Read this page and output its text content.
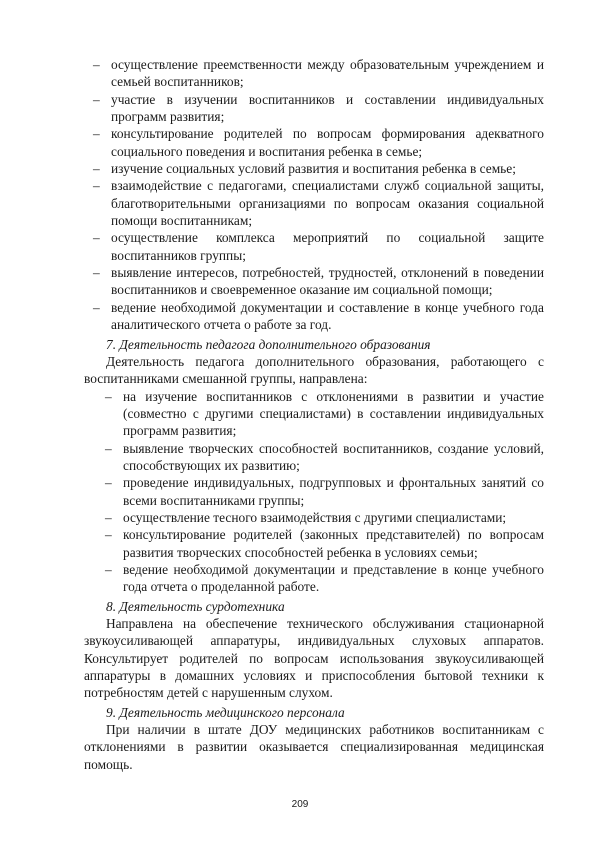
– осуществление преемственности между образовательным учреждением и семьей воспитанников;
– участие в изучении воспитанников и составлении индивидуальных программ развития;
– консультирование родителей по вопросам формирования адекватного социального поведения и воспитания ребенка в семье;
– изучение социальных условий развития и воспитания ребенка в семье;
– взаимодействие с педагогами, специалистами служб социальной защиты, благотворительными организациями по вопросам оказания социальной помощи воспитанникам;
– осуществление комплекса мероприятий по социальной защите воспитанников группы;
– выявление интересов, потребностей, трудностей, отклонений в поведении воспитанников и своевременное оказание им социальной помощи;
– ведение необходимой документации и составление в конце учебного года аналитического отчета о работе за год.
7. Деятельность педагога дополнительного образования
Деятельность педагога дополнительного образования, работающего с воспитанниками смешанной группы, направлена:
– на изучение воспитанников с отклонениями в развитии и участие (совместно с другими специалистами) в составлении индивидуальных программ развития;
– выявление творческих способностей воспитанников, создание условий, способствующих их развитию;
– проведение индивидуальных, подгрупповых и фронтальных занятий со всеми воспитанниками группы;
– осуществление тесного взаимодействия с другими специалистами;
– консультирование родителей (законных представителей) по вопросам развития творческих способностей ребенка в условиях семьи;
– ведение необходимой документации и представление в конце учебного года отчета о проделанной работе.
8. Деятельность сурдотехника
Направлена на обеспечение технического обслуживания стационарной звукоусиливающей аппаратуры, индивидуальных слуховых аппаратов. Консультирует родителей по вопросам использования звукоусиливающей аппаратуры в домашних условиях и приспособления бытовой техники к потребностям детей с нарушенным слухом.
9. Деятельность медицинского персонала
При наличии в штате ДОУ медицинских работников воспитанникам с отклонениями в развитии оказывается специализированная медицинская помощь.
209
